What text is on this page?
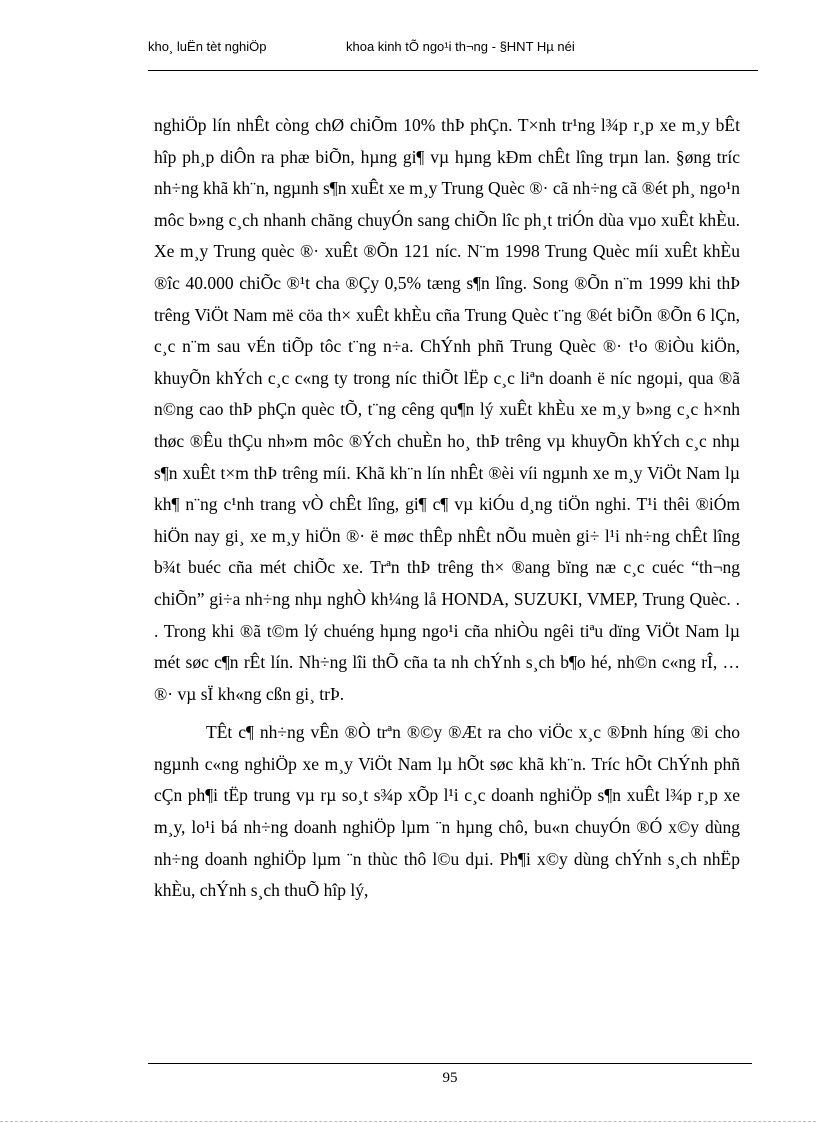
kho¸ luËn tèt nghiÖp	khoa kinh tÕ ngo¹i th¬ng - §HNT Hµ néi

nghiÖp lín nhÊt còng chØ chiÕm 10% thÞ phÇn. T×nh tr¹ng l¾p r¸p xe m¸y bÊt hîp ph¸p diÔn ra phæ biÕn, hµng gi¶ vµ hµng kÐm chÊt lîng trµn lan. §øng tríc nh÷ng khã kh¨n, ngµnh s¶n xuÊt xe m¸y Trung Quèc ®· cã nh÷ng cã ®ét ph¸ ngo¹n môc b»ng c¸ch nhanh chãng chuyÓn sang chiÕn lîc ph¸t triÓn dùa vµo xuÊt khÈu. Xe m¸y Trung quèc ®· xuÊt ®Õn 121 níc. N¨m 1998 Trung Quèc míi xuÊt khÈu ®îc 40.000 chiÕc ®¹t cha ®Çy 0,5% tæng s¶n lîng. Song ®Õn n¨m 1999 khi thÞ trêng ViÖt Nam më cöa th× xuÊt khÈu cña Trung Quèc t¨ng ®ét biÕn ®Õn 6 lÇn, c¸c n¨m sau vÉn tiÕp tôc t¨ng n÷a. ChÝnh phñ Trung Quèc ®· t¹o ®iÒu kiÖn, khuyÕn khÝch c¸c c«ng ty trong níc thiÕt lËp c¸c liªn doanh ë níc ngoµi, qua ®ã n©ng cao thÞ phÇn quèc tÕ, t¨ng cêng qu¶n lý xuÊt khÈu xe m¸y b»ng c¸c h×nh thøc ®Êu thÇu nh»m môc ®Ých chuÈn ho¸ thÞ trêng vµ khuyÕn khÝch c¸c nhµ s¶n xuÊt t×m thÞ trêng míi. Khã kh¨n lín nhÊt ®èi víi ngµnh xe m¸y ViÖt Nam lµ kh¶ n¨ng c¹nh trang vÒ chÊt lîng, gi¶ c¶ vµ kiÓu d¸ng tiÖn nghi. T¹i thêi ®iÓm hiÖn nay gi¸ xe m¸y hiÖn ®· ë møc thÊp nhÊt nÕu muèn gi÷ l¹i nh÷ng chÊt lîng b¾t buéc cña mét chiÕc xe. Trªn thÞ trêng th× ®ang bïng næ c¸c cuéc “th¬ng chiÕn” gi÷a nh÷ng nhµ nghÒ kh¼ng lå HONDA, SUZUKI, VMEP, Trung Quèc. . . Trong khi ®ã t©m lý chuéng hµng ngo¹i cña nhiÒu ngêi tiªu dïng ViÖt Nam lµ mét søc c¶n rÊt lín. Nh÷ng lîi thÕ cña ta nh chÝnh s¸ch b¶o hé, nh©n c«ng rÎ, … ®· vµ sÏ kh«ng cßn gi¸ trÞ.

TÊt c¶ nh÷ng vÊn ®Ò trªn ®©y ®Æt ra cho viÖc x¸c ®Þnh híng ®i cho ngµnh c«ng nghiÖp xe m¸y ViÖt Nam lµ hÕt søc khã kh¨n. Tríc hÕt ChÝnh phñ cÇn ph¶i tËp trung vµ rµ so¸t s¾p xÕp l¹i c¸c doanh nghiÖp s¶n xuÊt l¾p r¸p xe m¸y, lo¹i bá nh÷ng doanh nghiÖp lµm ¨n hµng chô, bu«n chuyÓn ®Ó x©y dùng nh÷ng doanh nghiÖp lµm ¨n thùc thô l©u dµi. Ph¶i x©y dùng chÝnh s¸ch nhËp khÈu, chÝnh s¸ch thuÕ hîp lý,

95
